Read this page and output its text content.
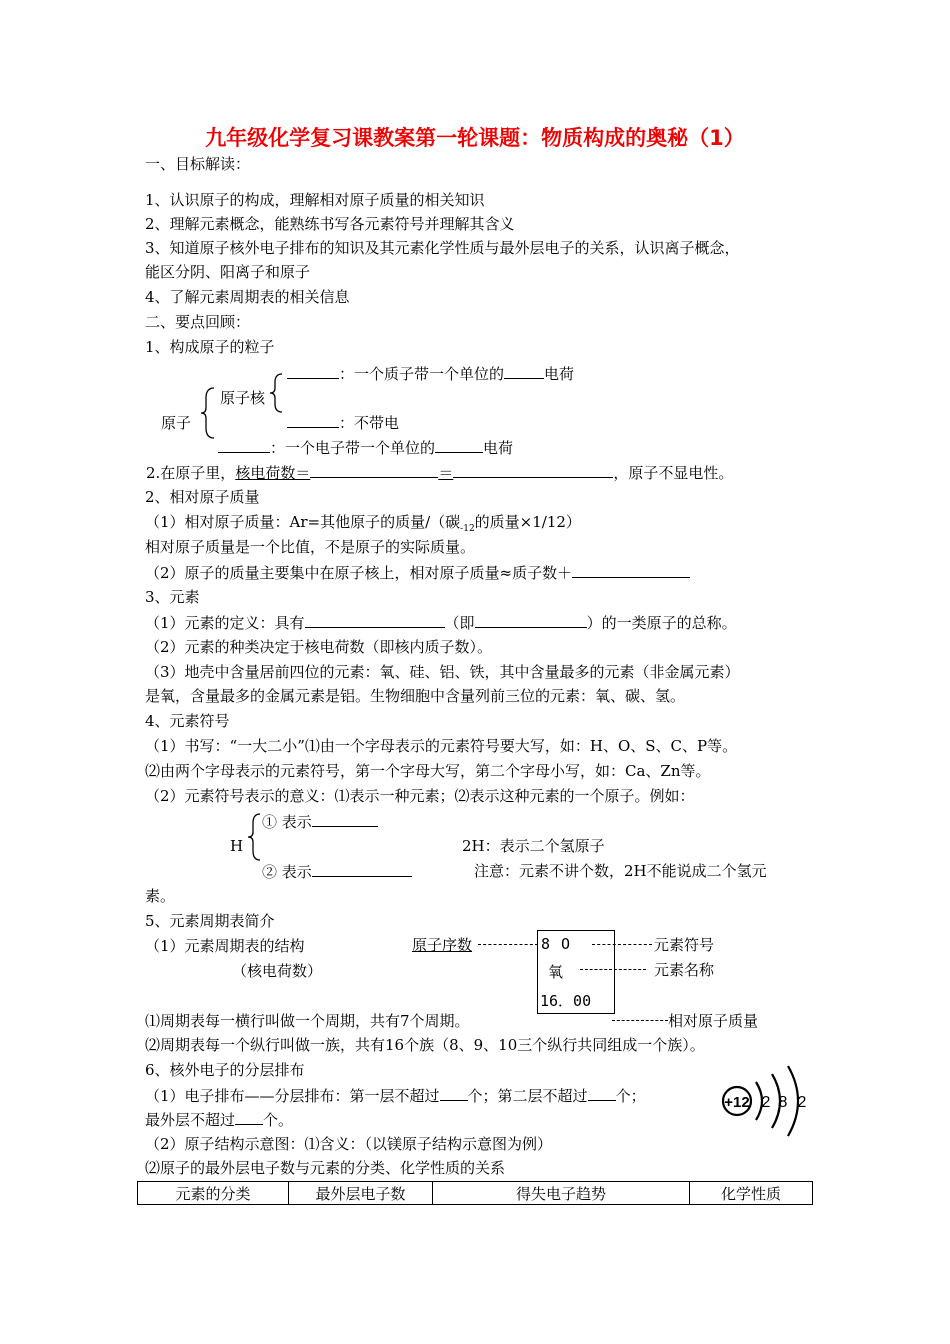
九年级化学复习课教案第一轮课题：物质构成的奥秘（1）
一、目标解读：
1、认识原子的构成，理解相对原子质量的相关知识
2、理解元素概念，能熟练书写各元素符号并理解其含义
3、知道原子核外电子排布的知识及其元素化学性质与最外层电子的关系，认识离子概念，
能区分阴、阳离子和原子
4、了解元素周期表的相关信息
二、要点回顾：
1、构成原子的粒子
原子
原子核
：一个质子带一个单位的	电荷
：不带电
：一个电子带一个单位的	电荷
2.在原子里，核电荷数＝	＝	，原子不显电性。
2、相对原子质量
（1）相对原子质量：Ar=其他原子的质量/（碳$_{-12}$的质量×1/12）
相对原子质量是一个比值，不是原子的实际质量。
（2）原子的质量主要集中在原子核上，相对原子质量≈质子数＋
3、元素
（1）元素的定义：具有	（即	）的一类原子的总称。
（2）元素的种类决定于核电荷数（即核内质子数）。
（3）地壳中含量居前四位的元素：氧、硅、铝、铁，其中含量最多的元素（非金属元素）
是氧，含量最多的金属元素是铝。生物细胞中含量列前三位的元素：氧、碳、氢。
4、元素符号
（1）书写：“一大二小”⑴由一个字母表示的元素符号要大写，如：H、O、S、C、P等。
⑵由两个字母表示的元素符号，第一个字母大写，第二个字母小写，如：Ca、Zn等。
（2）元素符号表示的意义：⑴表示一种元素；⑵表示这种元素的一个原子。例如：
H
① 表示
② 表示
2H：表示二个氢原子
注意：元素不讲个数，2H不能说成二个氢元
素。
5、元素周期表简介
（1）元素周期表的结构
（核电荷数）
原子序数	8 O
氧
16．00
元素符号
元素名称
相对原子质量
⑴周期表每一横行叫做一个周期，共有7个周期。
⑵周期表每一个纵行叫做一族，共有16个族（8、9、10三个纵行共同组成一个族）。
6、核外电子的分层排布
（1）电子排布——分层排布：第一层不超过 个；第二层不超过 个；
最外层不超过 个。
+12 2 8 2
（2）原子结构示意图：⑴含义：（以镁原子结构示意图为例）
⑵原子的最外层电子数与元素的分类、化学性质的关系
元素的分类	最外层电子数	得失电子趋势	化学性质
